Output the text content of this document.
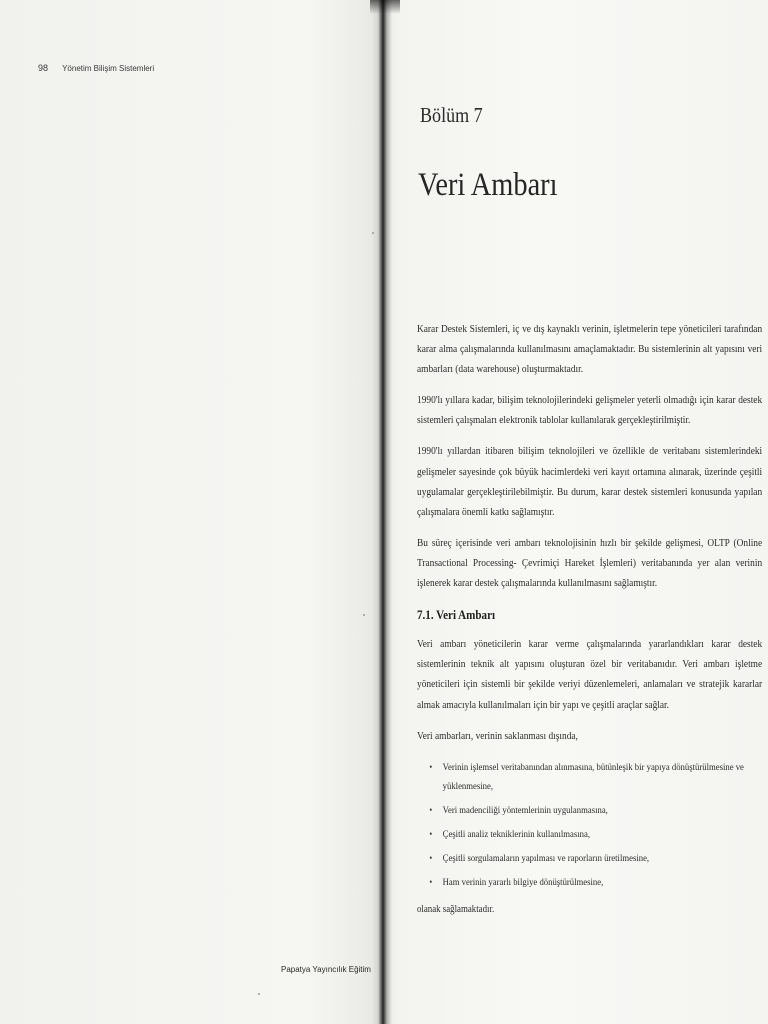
98 Yönetim Bilişim Sistemleri
Papatya Yayıncılık Eğitim
Bölüm 7
Veri Ambarı

Karar Destek Sistemleri, iç ve dış kaynaklı verinin, işletmelerin tepe yöneticileri tarafından karar alma çalışmalarında kullanılmasını amaçlamaktadır. Bu sistemlerinin alt yapısını veri ambarları (data warehouse) oluşturmaktadır.

1990'lı yıllara kadar, bilişim teknolojilerindeki gelişmeler yeterli olmadığı için karar destek sistemleri çalışmaları elektronik tablolar kullanılarak gerçekleştirilmiştir.

1990'lı yıllardan itibaren bilişim teknolojileri ve özellikle de veritabanı sistemlerindeki gelişmeler sayesinde çok büyük hacimlerdeki veri kayıt ortamına alınarak, üzerinde çeşitli uygulamalar gerçekleştirilebilmiştir. Bu durum, karar destek sistemleri konusunda yapılan çalışmalara önemli katkı sağlamıştır.

Bu süreç içerisinde veri ambarı teknolojisinin hızlı bir şekilde gelişmesi, OLTP (Online Transactional Processing- Çevrimiçi Hareket İşlemleri) veritabanında yer alan verinin işlenerek karar destek çalışmalarında kullanılmasını sağlamıştır.

7.1. Veri Ambarı

Veri ambarı yöneticilerin karar verme çalışmalarında yararlandıkları karar destek sistemlerinin teknik alt yapısını oluşturan özel bir veritabanıdır. Veri ambarı işletme yöneticileri için sistemli bir şekilde veriyi düzenlemeleri, anlamaları ve stratejik kararlar almak amacıyla kullanılmaları için bir yapı ve çeşitli araçlar sağlar.

Veri ambarları, verinin saklanması dışında,

• Verinin işlemsel veritabanından alınmasına, bütünleşik bir yapıya dönüştürülmesine ve yüklenmesine,
• Veri madenciliği yöntemlerinin uygulanmasına,
• Çeşitli analiz tekniklerinin kullanılmasına,
• Çeşitli sorgulamaların yapılması ve raporların üretilmesine,
• Ham verinin yararlı bilgiye dönüştürülmesine,

olanak sağlamaktadır.
